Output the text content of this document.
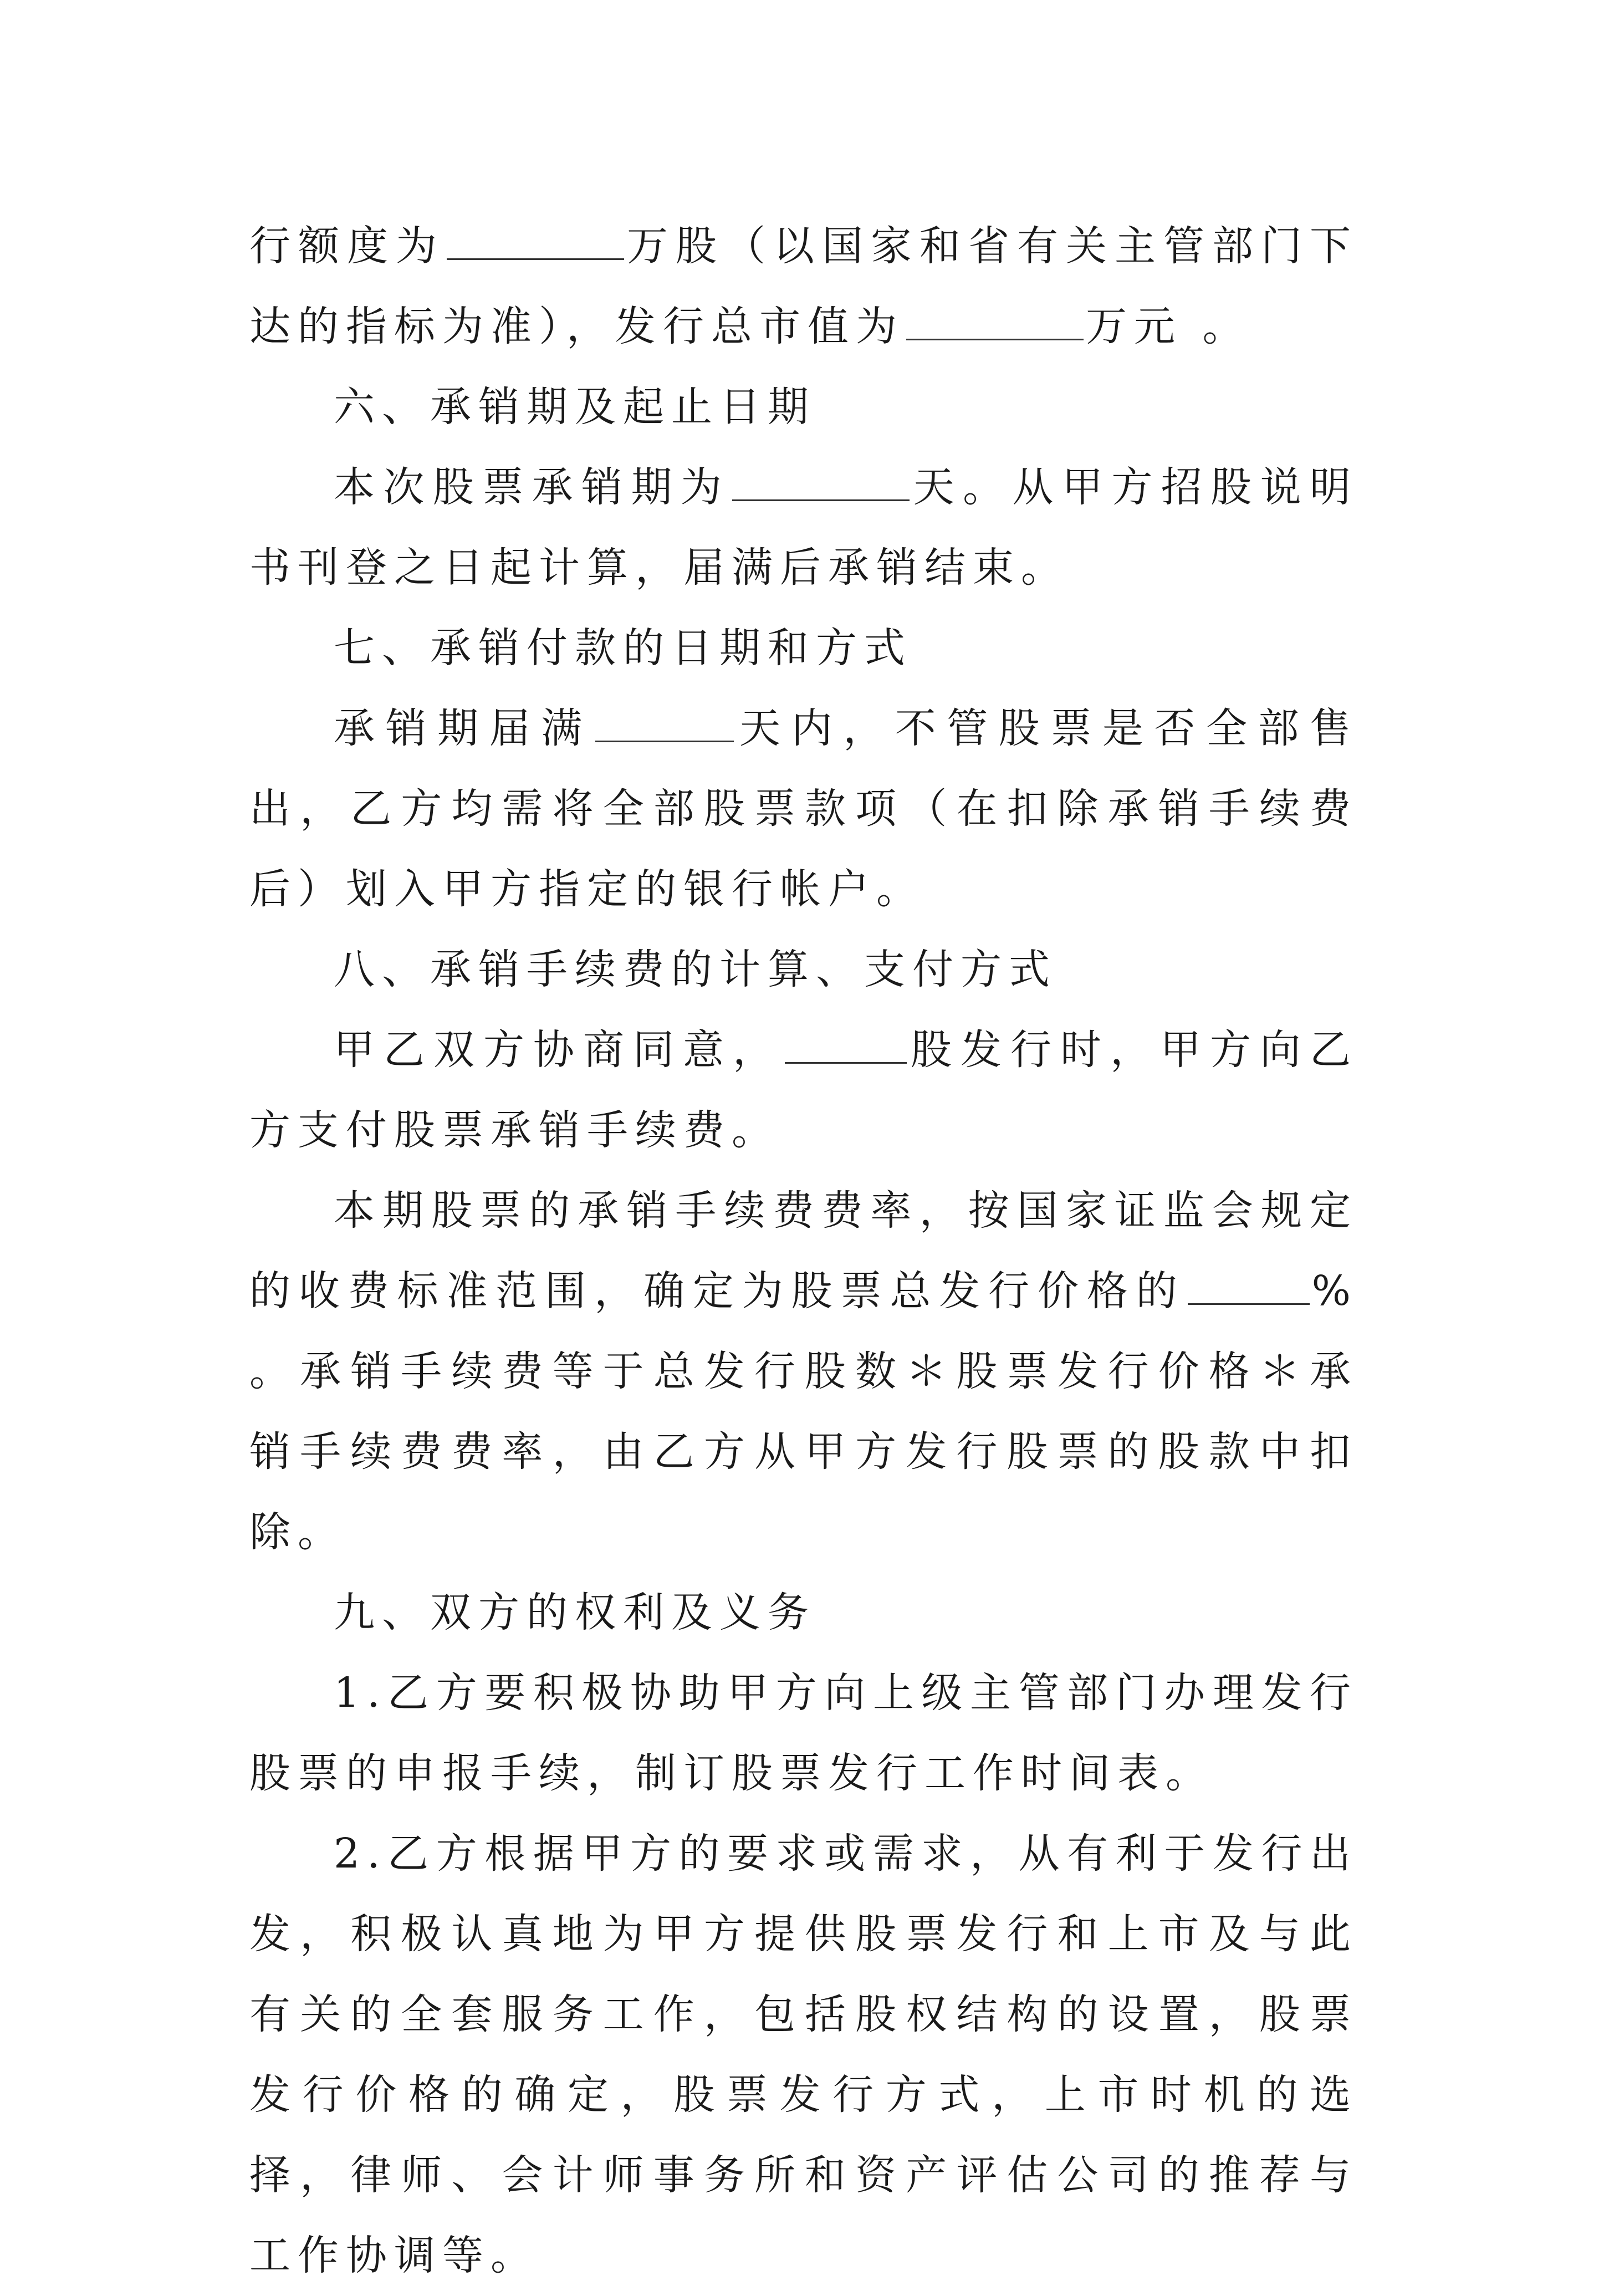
行额度为	万股（以国家和省有关主管部门下达的指标为准），发行总市值为	万元 。

六、承销期及起止日期

本次股票承销期为	天。从甲方招股说明书刊登之日起计算，届满后承销结束。

七、承销付款的日期和方式

承销期届满	天内，不管股票是否全部售出，乙方均需将全部股票款项（在扣除承销手续费后）划入甲方指定的银行帐户。

八、承销手续费的计算、支付方式

甲乙双方协商同意，	股发行时，甲方向乙方支付股票承销手续费。

本期股票的承销手续费费率，按国家证监会规定的收费标准范围，确定为股票总发行价格的	% 。承销手续费等于总发行股数＊股票发行价格＊承销手续费费率，由乙方从甲方发行股票的股款中扣除。

九、双方的权利及义务

1.乙方要积极协助甲方向上级主管部门办理发行股票的申报手续，制订股票发行工作时间表。

2.乙方根据甲方的要求或需求，从有利于发行出发，积极认真地为甲方提供股票发行和上市及与此有关的全套服务工作，包括股权结构的设置，股票发行价格的确定，股票发行方式，上市时机的选择，律师、会计师事务所和资产评估公司的推荐与工作协调等。
